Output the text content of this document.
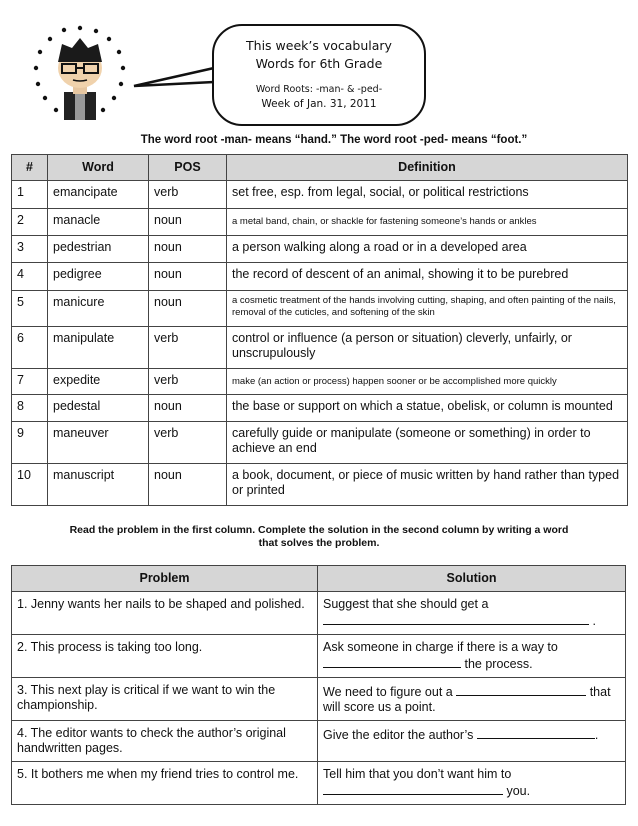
This week’s vocabulary
Words for 6th Grade
Word Roots: -man- & -ped-
Week of Jan. 31, 2011
The word root -man- means “hand.” The word root -ped- means “foot.”
#	Word	POS	Definition
1	emancipate	verb	set free, esp. from legal, social, or political restrictions
2	manacle	noun	a metal band, chain, or shackle for fastening someone’s hands or ankles
3	pedestrian	noun	a person walking along a road or in a developed area
4	pedigree	noun	the record of descent of an animal, showing it to be purebred
5	manicure	noun	a cosmetic treatment of the hands involving cutting, shaping, and often painting of the nails, removal of the cuticles, and softening of the skin
6	manipulate	verb	control or influence (a person or situation) cleverly, unfairly, or unscrupulously
7	expedite	verb	make (an action or process) happen sooner or be accomplished more quickly
8	pedestal	noun	the base or support on which a statue, obelisk, or column is mounted
9	maneuver	verb	carefully guide or manipulate (someone or something) in order to achieve an end
10	manuscript	noun	a book, document, or piece of music written by hand rather than typed or printed
Read the problem in the first column. Complete the solution in the second column by writing a word that solves the problem.
Problem	Solution
1. Jenny wants her nails to be shaped and polished.	Suggest that she should get a
.
2. This process is taking too long.	Ask someone in charge if there is a way to
the process.
3. This next play is critical if we want to win the championship.	We need to figure out a that will score us a point.
4. The editor wants to check the author’s original handwritten pages.	Give the editor the author’s .
5. It bothers me when my friend tries to control me.	Tell him that you don’t want him to
you.
